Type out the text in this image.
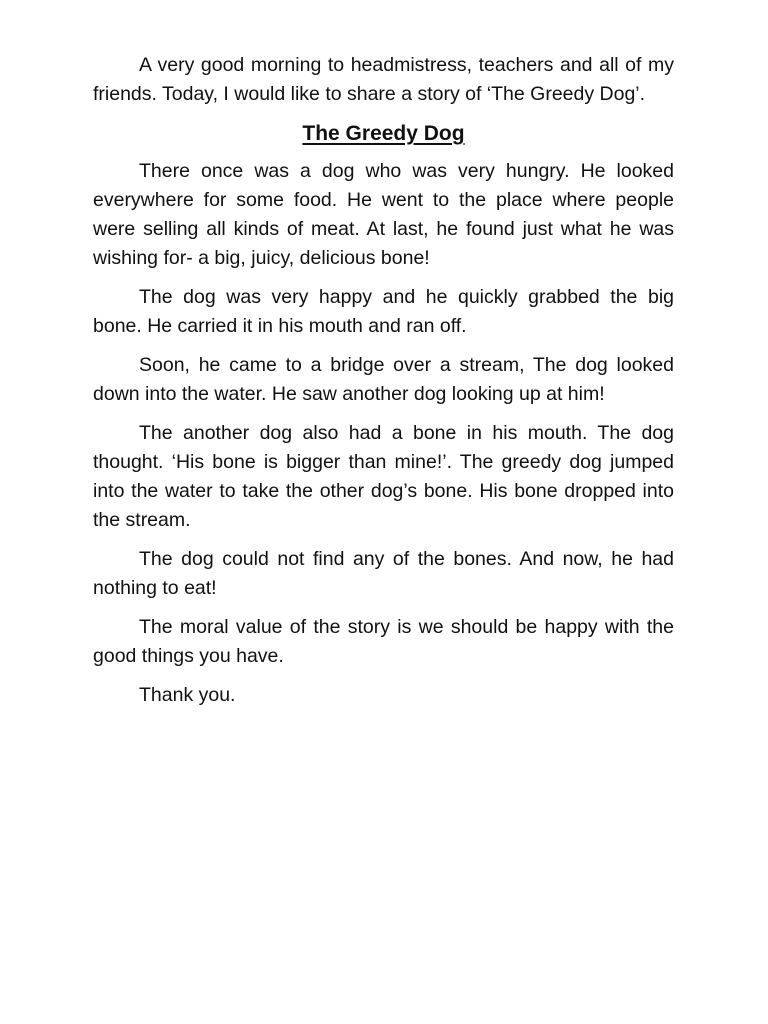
A very good morning to headmistress, teachers and all of my friends. Today, I would like to share a story of ‘The Greedy Dog’.

The Greedy Dog

There once was a dog who was very hungry. He looked everywhere for some food. He went to the place where people were selling all kinds of meat. At last, he found just what he was wishing for- a big, juicy, delicious bone!

The dog was very happy and he quickly grabbed the big bone. He carried it in his mouth and ran off.

Soon, he came to a bridge over a stream, The dog looked down into the water. He saw another dog looking up at him!

The another dog also had a bone in his mouth. The dog thought. ‘His bone is bigger than mine!’. The greedy dog jumped into the water to take the other dog’s bone. His bone dropped into the stream.

The dog could not find any of the bones. And now, he had nothing to eat!

The moral value of the story is we should be happy with the good things you have.

Thank you.
